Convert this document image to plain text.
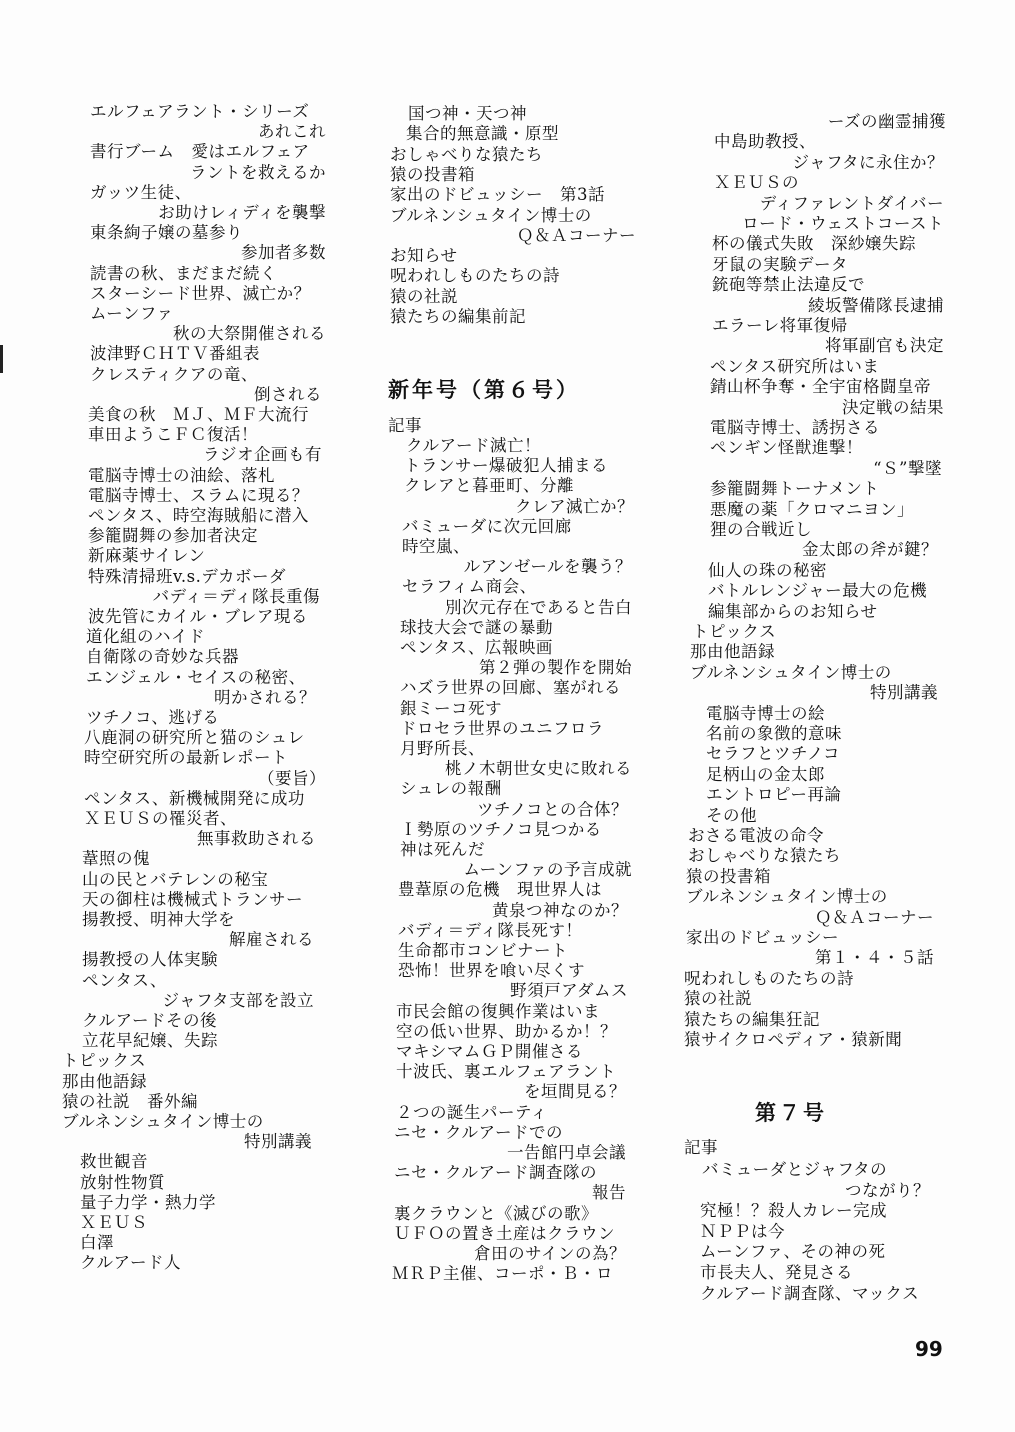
新年号（第６号）
記事
第７号
記事
99
エルフェアラント・シリーズ
あれこれ
書行ブーム　愛はエルフェア
ラントを救えるか
ガッツ生徒、
お助けレィディを襲撃
東条絢子嬢の墓参り
参加者多数
読書の秋、まだまだ続く
スターシード世界、滅亡か？
ムーンファ
秋の大祭開催される
波津野ＣＨＴＶ番組表
クレスティクアの竜、
倒される
美食の秋　ＭＪ、ＭＦ大流行
車田ようこＦＣ復活！
ラジオ企画も有
電脳寺博士の油絵、落札
電脳寺博士、スラムに現る？
ペンタス、時空海賊船に潜入
参籠闘舞の参加者決定
新麻薬サイレン
特殊清掃班v.s.デカボーダ
バディ＝ディ隊長重傷
波先管にカイル・ブレア現る
道化組のハイド
自衛隊の奇妙な兵器
エンジェル・セイスの秘密、
明かされる？
ツチノコ、逃げる
八鹿洞の研究所と猫のシュレ
時空研究所の最新レポート
（要旨）
ペンタス、新機械開発に成功
ＸＥＵＳの罹災者、
無事救助される
葦照の傀
山の民とバテレンの秘宝
天の御柱は機械式トランサー
揚教授、明神大学を
解雇される
揚教授の人体実験
ペンタス、
ジャフタ支部を設立
クルアードその後
立花早紀嬢、失踪
トピックス
那由他語録
猿の社説　番外編
ブルネンシュタイン博士の
特別講義
救世観音
放射性物質
量子力学・熱力学
ＸＥＵＳ
白澤
クルアード人
国つ神・天つ神
集合的無意識・原型
おしゃべりな猿たち
猿の投書箱
家出のドビュッシー　第3話
ブルネンシュタイン博士の
Ｑ＆Ａコーナー
お知らせ
呪われしものたちの詩
猿の社説
猿たちの編集前記
クルアード滅亡！
トランサー爆破犯人捕まる
クレアと暮亜町、分離
クレア滅亡か？
バミューダに次元回廊
時空嵐、
ルアンゼールを襲う？
セラフィム商会、
別次元存在であると告白
球技大会で謎の暴動
ペンタス、広報映画
第２弾の製作を開始
ハズラ世界の回廊、塞がれる
銀ミーコ死す
ドロセラ世界のユニフロラ
月野所長、
桃ノ木朝世女史に敗れる
シュレの報酬
ツチノコとの合体？
Ｉ勢原のツチノコ見つかる
神は死んだ
ムーンファの予言成就
豊葦原の危機　現世界人は
黄泉つ神なのか？
バディ＝ディ隊長死す！
生命都市コンビナート
恐怖！世界を喰い尽くす
野須戸アダムス
市民会館の復興作業はいま
空の低い世界、助かるか！？
マキシマムＧＰ開催さる
十波氏、裏エルフェアラント
を垣間見る？
２つの誕生パーティ
ニセ・クルアードでの
一告館円卓会議
ニセ・クルアード調査隊の
報告
裏クラウンと《滅びの歌》
ＵＦＯの置き土産はクラウン
倉田のサインの為？
ＭＲＰ主催、コーポ・Ｂ・ロ
ーズの幽霊捕獲
中島助教授、
ジャフタに永住か？
ＸＥＵＳの
ディファレントダイバー
ロード・ウェストコースト
杯の儀式失敗　深紗嬢失踪
牙鼠の実験データ
銃砲等禁止法違反で
綾坂警備隊長逮捕
エラーレ将軍復帰
将軍副官も決定
ペンタス研究所はいま
錆山杯争奪・全宇宙格闘皇帝
決定戦の結果
電脳寺博士、誘拐さる
ペンギン怪獣進撃！
“Ｓ”撃墜
参籠闘舞トーナメント
悪魔の薬「クロマニヨン」
狸の合戦近し
金太郎の斧が鍵？
仙人の珠の秘密
バトルレンジャー最大の危機
編集部からのお知らせ
トピックス
那由他語録
ブルネンシュタイン博士の
特別講義
電脳寺博士の絵
名前の象徴的意味
セラフとツチノコ
足柄山の金太郎
エントロピー再論
その他
おさる電波の命令
おしゃべりな猿たち
猿の投書箱
ブルネンシュタイン博士の
Ｑ＆Ａコーナー
家出のドビュッシー
第１・４・５話
呪われしものたちの詩
猿の社説
猿たちの編集狂記
猿サイクロペディア・猿新聞
バミューダとジャフタの
つながり？
究極！？殺人カレー完成
ＮＰＰは今
ムーンファ、その神の死
市長夫人、発見さる
クルアード調査隊、マックス
